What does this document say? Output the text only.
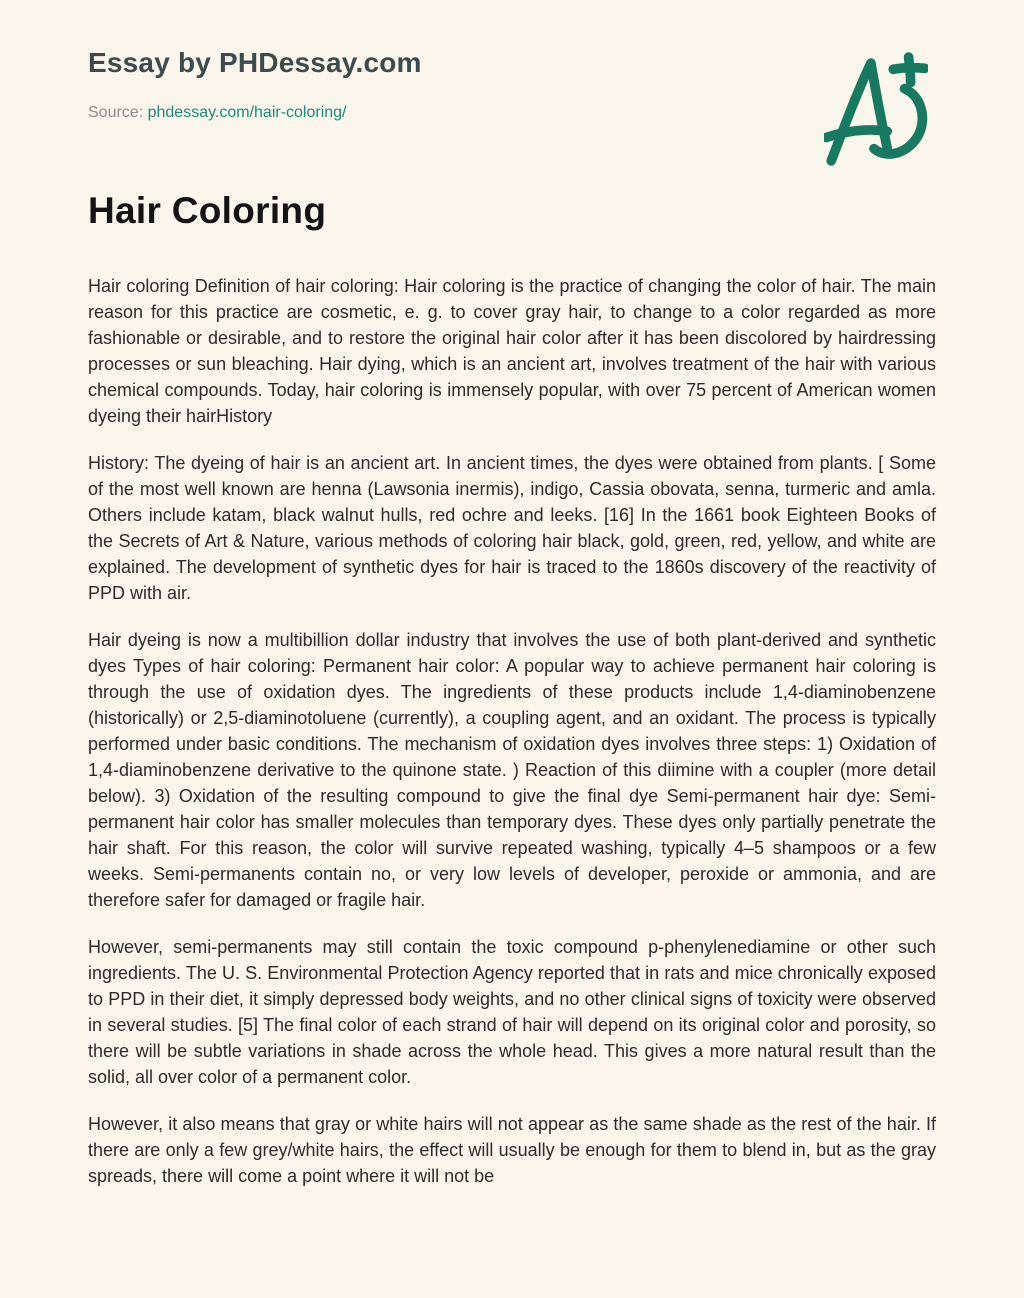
Essay by PHDessay.com
Source: phdessay.com/hair-coloring/
Hair Coloring

Hair coloring Definition of hair coloring: Hair coloring is the practice of changing the color of hair. The main reason for this practice are cosmetic, e. g. to cover gray hair, to change to a color regarded as more fashionable or desirable, and to restore the original hair color after it has been discolored by hairdressing processes or sun bleaching. Hair dying, which is an ancient art, involves treatment of the hair with various chemical compounds. Today, hair coloring is immensely popular, with over 75 percent of American women dyeing their hairHistory

History: The dyeing of hair is an ancient art. In ancient times, the dyes were obtained from plants. [ Some of the most well known are henna (Lawsonia inermis), indigo, Cassia obovata, senna, turmeric and amla. Others include katam, black walnut hulls, red ochre and leeks. [16] In the 1661 book Eighteen Books of the Secrets of Art & Nature, various methods of coloring hair black, gold, green, red, yellow, and white are explained. The development of synthetic dyes for hair is traced to the 1860s discovery of the reactivity of PPD with air.

Hair dyeing is now a multibillion dollar industry that involves the use of both plant-derived and synthetic dyes Types of hair coloring: Permanent hair color: A popular way to achieve permanent hair coloring is through the use of oxidation dyes. The ingredients of these products include 1,4-diaminobenzene (historically) or 2,5-diaminotoluene (currently), a coupling agent, and an oxidant. The process is typically performed under basic conditions. The mechanism of oxidation dyes involves three steps: 1) Oxidation of 1,4-diaminobenzene derivative to the quinone state. ) Reaction of this diimine with a coupler (more detail below). 3) Oxidation of the resulting compound to give the final dye Semi-permanent hair dye: Semi-permanent hair color has smaller molecules than temporary dyes. These dyes only partially penetrate the hair shaft. For this reason, the color will survive repeated washing, typically 4–5 shampoos or a few weeks. Semi-permanents contain no, or very low levels of developer, peroxide or ammonia, and are therefore safer for damaged or fragile hair.

However, semi-permanents may still contain the toxic compound p-phenylenediamine or other such ingredients. The U. S. Environmental Protection Agency reported that in rats and mice chronically exposed to PPD in their diet, it simply depressed body weights, and no other clinical signs of toxicity were observed in several studies. [5] The final color of each strand of hair will depend on its original color and porosity, so there will be subtle variations in shade across the whole head. This gives a more natural result than the solid, all over color of a permanent color.

However, it also means that gray or white hairs will not appear as the same shade as the rest of the hair. If there are only a few grey/white hairs, the effect will usually be enough for them to blend in, but as the gray spreads, there will come a point where it will not be
